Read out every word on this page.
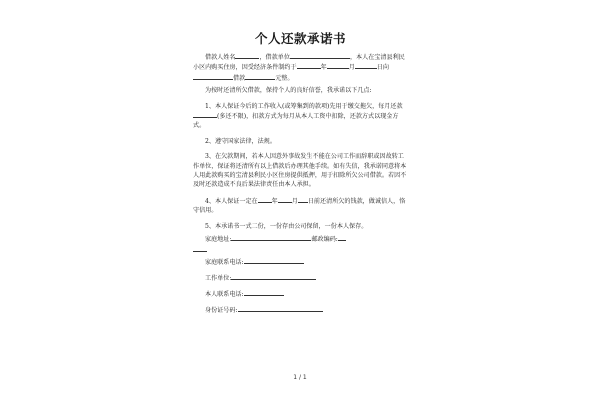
个人还款承诺书

借款人姓名	，借款单位	，本人在宝清县利民小区内购买住房，因受经济条件制约于	年	月	日向借款	元整。

为按时还清所欠借款，保持个人的良好信誉，我承诺以下几点:

1、本人保证今后的工作收入(或筹集到的款项)先用于缴交拖欠，每月还款(多还不限)，扣款方式为每月从本人工资中扣除，还款方式以现金方式。

2、遵守国家法律，法规。

3、在欠款期间，若本人因意外事故发生不能在公司工作而辞职或因故转工作单位，保证将还清所有以上借款后办理其他手续。如有失信，我承诺同意将本人用此款购买的宝清县利民小区住房提供抵押，用于扣除所欠公司借款。若因不及时还款造成不良后果法律责任由本人承担。

4、本人保证一定在 年 月 日前还清所欠的钱款，做诚信人，恪守信用。

5、本承诺书一式二份，一份存由公司保留，一份本人保存。

家庭地址:	邮政编码:
家庭联系电话:
工作单位:
本人联系电话:
身份证号码:
1 / 1
